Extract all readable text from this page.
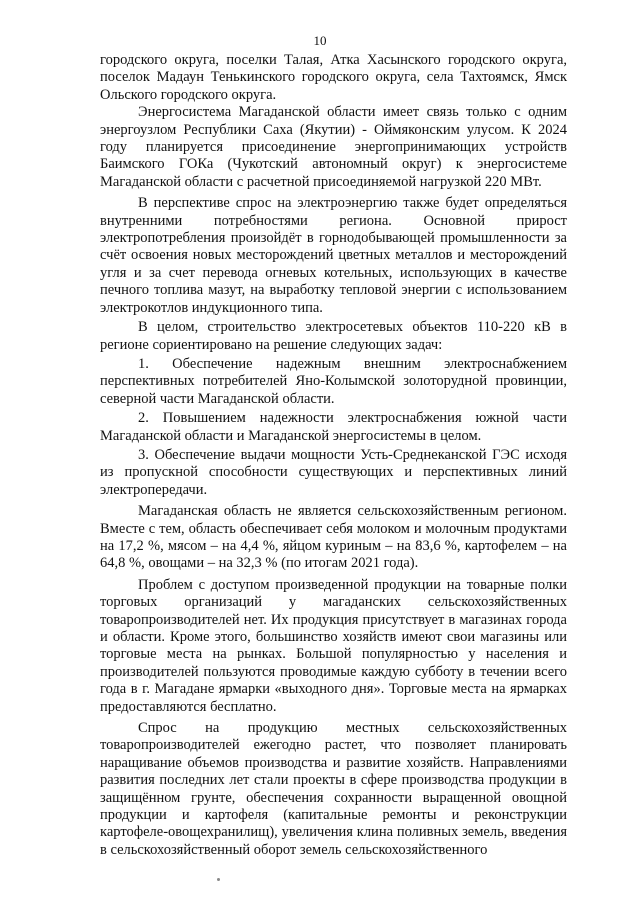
10

городского округа, поселки Талая, Атка Хасынского городского округа, поселок Мадаун Тенькинского городского округа, села Тахтоямск, Ямск Ольского городского округа.

Энергосистема Магаданской области имеет связь только с одним энергоузлом Республики Саха (Якутии) - Оймяконским улусом. К 2024 году планируется присоединение энергопринимающих устройств Баимского ГОКа (Чукотский автономный округ) к энергосистеме Магаданской области с расчетной присоединяемой нагрузкой 220 МВт.

В перспективе спрос на электроэнергию также будет определяться внутренними потребностями региона. Основной прирост электропотребления произойдёт в горнодобывающей промышленности за счёт освоения новых месторождений цветных металлов и месторождений угля и за счет перевода огневых котельных, использующих в качестве печного топлива мазут, на выработку тепловой энергии с использованием электрокотлов индукционного типа.

В целом, строительство электросетевых объектов 110-220 кВ в регионе сориентировано на решение следующих задач:

1. Обеспечение надежным внешним электроснабжением перспективных потребителей Яно-Колымской золоторудной провинции, северной части Магаданской области.

2. Повышением надежности электроснабжения южной части Магаданской области и Магаданской энергосистемы в целом.

3. Обеспечение выдачи мощности Усть-Среднеканской ГЭС исходя из пропускной способности существующих и перспективных линий электропередачи.

Магаданская область не является сельскохозяйственным регионом. Вместе с тем, область обеспечивает себя молоком и молочным продуктами на 17,2 %, мясом – на 4,4 %, яйцом куриным – на 83,6 %, картофелем – на 64,8 %, овощами – на 32,3 % (по итогам 2021 года).

Проблем с доступом произведенной продукции на товарные полки торговых организаций у магаданских сельскохозяйственных товаропроизводителей нет. Их продукция присутствует в магазинах города и области. Кроме этого, большинство хозяйств имеют свои магазины или торговые места на рынках. Большой популярностью у населения и производителей пользуются проводимые каждую субботу в течении всего года в г. Магадане ярмарки «выходного дня». Торговые места на ярмарках предоставляются бесплатно.

Спрос на продукцию местных сельскохозяйственных товаропроизводителей ежегодно растет, что позволяет планировать наращивание объемов производства и развитие хозяйств. Направлениями развития последних лет стали проекты в сфере производства продукции в защищённом грунте, обеспечения сохранности выращенной овощной продукции и картофеля (капитальные ремонты и реконструкции картофеле-овощехранилищ), увеличения клина поливных земель, введения в сельскохозяйственный оборот земель сельскохозяйственного
